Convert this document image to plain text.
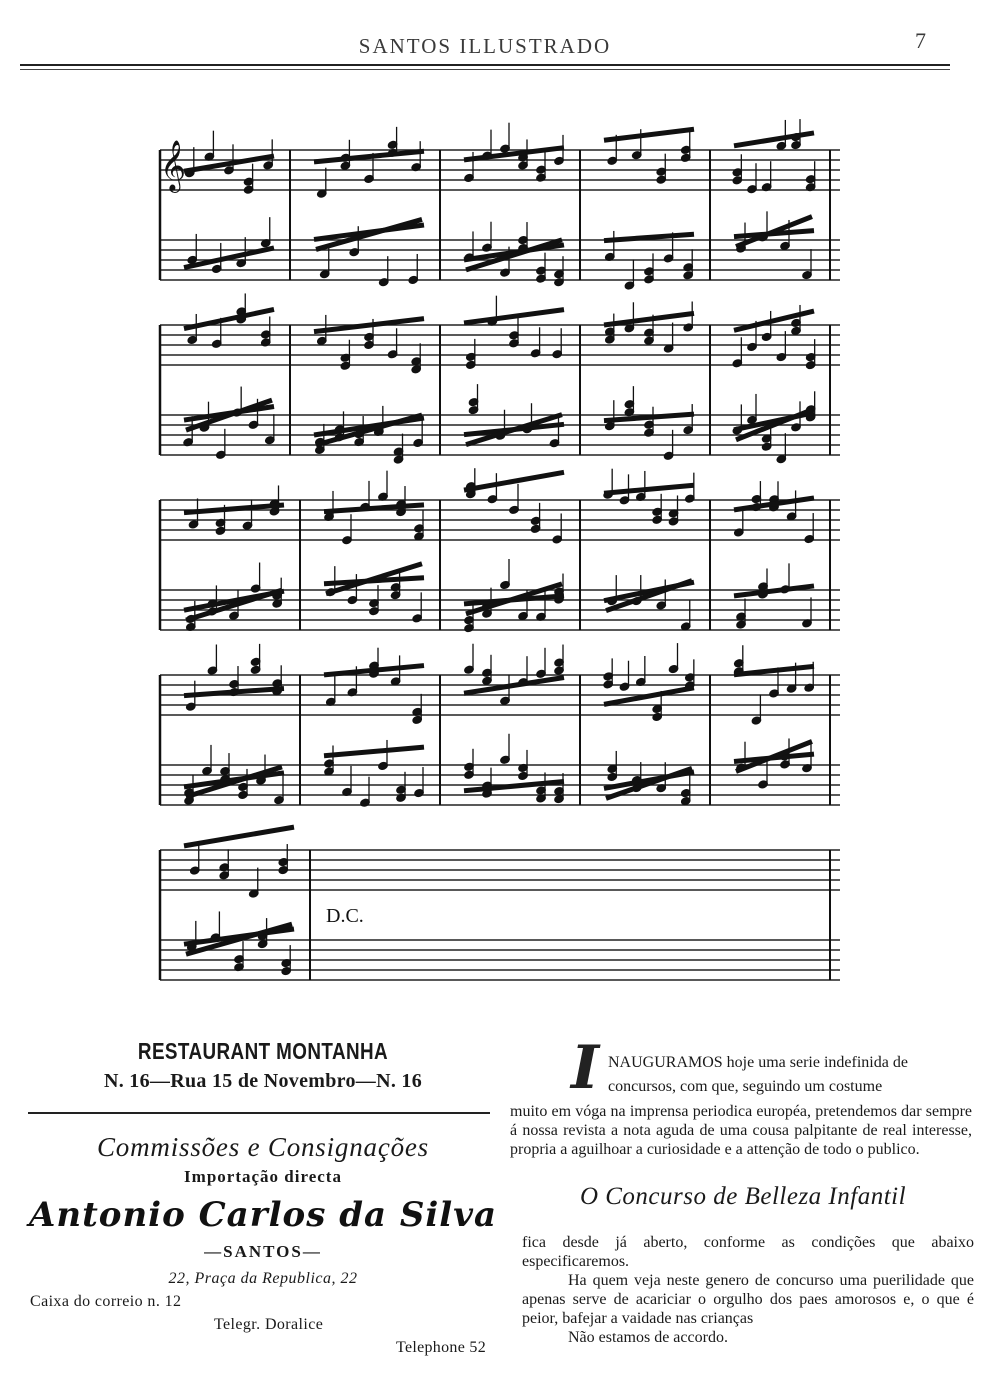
SANTOS ILLUSTRADO	7
D.C.
𝄞
RESTAURANT MONTANHA
N. 16—Rua 15 de Novembro—N. 16
Commissões e Consignações
Importação directa
Antonio Carlos da Silva
—SANTOS—
22, Praça da Republica, 22
Caixa do correio n. 12
Telegr. Doralice
Telephone 52
I NAUGURAMOS hoje uma serie indefinida de
concursos, com que, seguindo um costume
muito em vóga na imprensa periodica européa, pretendemos dar sempre á nossa revista a nota aguda de uma cousa palpitante de real interesse, propria a aguilhoar a curiosidade e a attenção de todo o publico.
O Concurso de Belleza Infantil

fica desde já aberto, conforme as condições que abaixo especificaremos.

Ha quem veja neste genero de concurso uma puerilidade que apenas serve de acariciar o orgulho dos paes amorosos e, o que é peior, bafejar a vaidade nas crianças

Não estamos de accordo.
